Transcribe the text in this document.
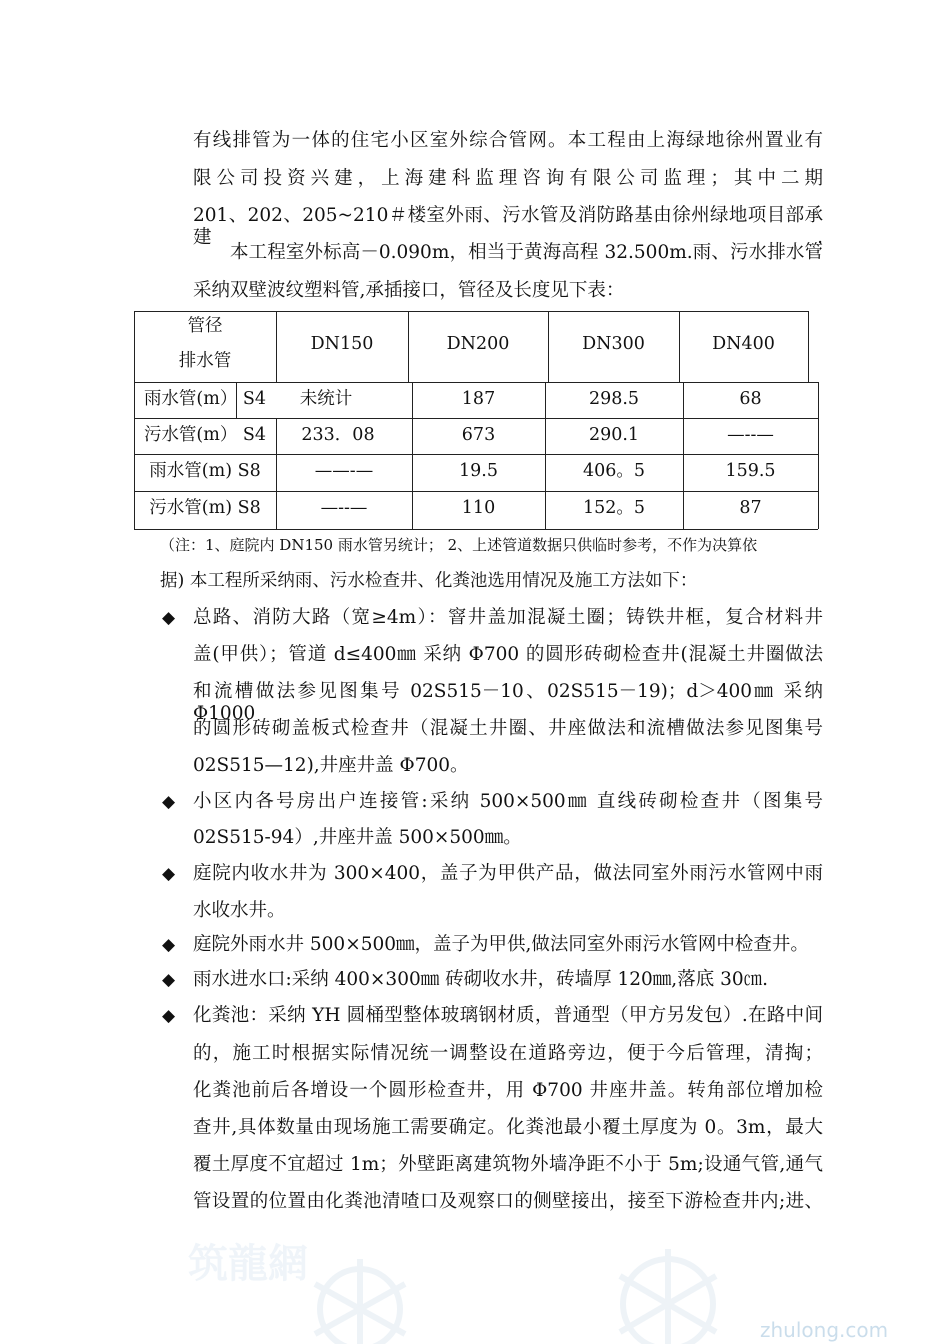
有线排管为一体的住宅小区室外综合管网。本工程由上海绿地徐州置业有
限公司投资兴建，上海建科监理咨询有限公司监理；其中二期
201、202、205~210＃楼室外雨、污水管及消防路基由徐州绿地项目部承建.
本工程室外标高－0.090m，相当于黄海高程 32.500m.雨、污水排水管
采纳双壁波纹塑料管,承插接口，管径及长度见下表：
管径
排水管
DN150	DN200	DN300	DN400
雨水管(m） S4	未统计	187	298.5	68
污水管(m） S4	233．08	673	290.1	—--—
雨水管(m) S8	——-—	19.5	406。5	159.5
污水管(m) S8	—--—	110	152。5	87
（注：1、庭院内 DN150 雨水管另统计； 2、上述管道数据只供临时参考，不作为决算依
据) 本工程所采纳雨、污水检查井、化粪池选用情况及施工方法如下：
◆ 总路、消防大路（宽≥4m）：窨井盖加混凝土圈；铸铁井框，复合材料井
盖(甲供）；管道 d≤400㎜ 采纳 Φ700 的圆形砖砌检查井(混凝土井圈做法
和流槽做法参见图集号 02S515－10、02S515－19)；d＞400㎜ 采纳 Φ1000
的圆形砖砌盖板式检查井（混凝土井圈、井座做法和流槽做法参见图集号
02S515—12),井座井盖 Φ700。
◆ 小区内各号房出户连接管:采纳 500×500㎜ 直线砖砌检查井（图集号
02S515-94）,井座井盖 500×500㎜。
◆ 庭院内收水井为 300×400，盖子为甲供产品，做法同室外雨污水管网中雨
水收水井。
◆ 庭院外雨水井 500×500㎜，盖子为甲供,做法同室外雨污水管网中检查井。
◆ 雨水进水口:采纳 400×300㎜ 砖砌收水井，砖墙厚 120㎜,落底 30㎝.
◆ 化粪池：采纳 YH 圆桶型整体玻璃钢材质，普通型（甲方另发包）.在路中间
的，施工时根据实际情况统一调整设在道路旁边，便于今后管理，清掏；
化粪池前后各增设一个圆形检查井，用 Φ700 井座井盖。转角部位增加检
查井,具体数量由现场施工需要确定。化粪池最小覆土厚度为 0。3m，最大
覆土厚度不宜超过 1m；外壁距离建筑物外墙净距不小于 5m;设通气管,通气
管设置的位置由化粪池清喳口及观察口的侧壁接出，接至下游检查井内;进、
筑龍網
zhulong.com
